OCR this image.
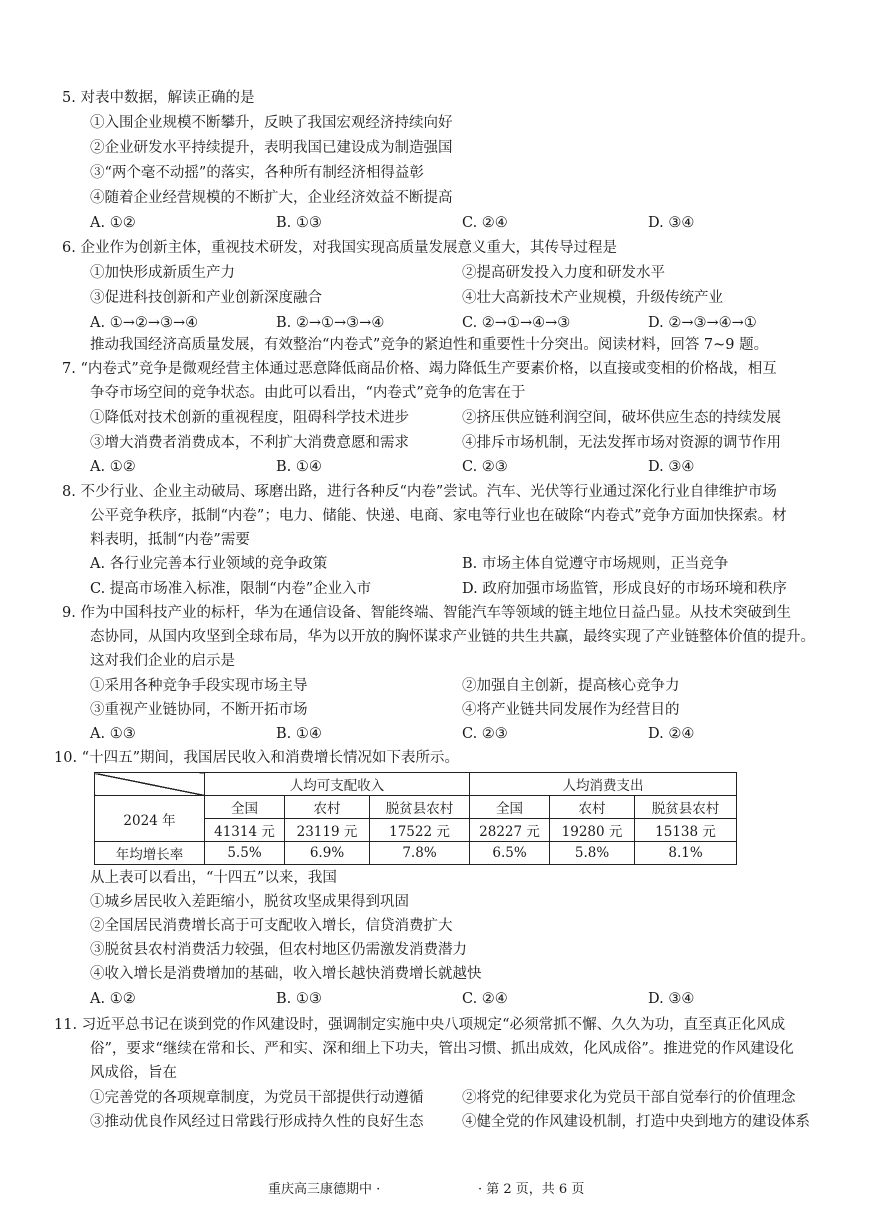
5. 对表中数据，解读正确的是
①入围企业规模不断攀升，反映了我国宏观经济持续向好
②企业研发水平持续提升，表明我国已建设成为制造强国
③“两个毫不动摇”的落实，各种所有制经济相得益彰
④随着企业经营规模的不断扩大，企业经济效益不断提高
A. ①②	B. ①③	C. ②④	D. ③④
6. 企业作为创新主体，重视技术研发，对我国实现高质量发展意义重大，其传导过程是
①加快形成新质生产力	②提高研发投入力度和研发水平
③促进科技创新和产业创新深度融合	④壮大高新技术产业规模，升级传统产业
A. ①→②→③→④	B. ②→①→③→④	C. ②→①→④→③	D. ②→③→④→①
推动我国经济高质量发展，有效整治“内卷式”竞争的紧迫性和重要性十分突出。阅读材料，回答 7~9 题。
7. “内卷式”竞争是微观经营主体通过恶意降低商品价格、竭力降低生产要素价格，以直接或变相的价格战，相互
争夺市场空间的竞争状态。由此可以看出，“内卷式”竞争的危害在于
①降低对技术创新的重视程度，阻碍科学技术进步	②挤压供应链利润空间，破坏供应生态的持续发展
③增大消费者消费成本，不利扩大消费意愿和需求	④排斥市场机制，无法发挥市场对资源的调节作用
A. ①②	B. ①④	C. ②③	D. ③④
8. 不少行业、企业主动破局、琢磨出路，进行各种反“内卷”尝试。汽车、光伏等行业通过深化行业自律维护市场
公平竞争秩序，抵制“内卷”；电力、储能、快递、电商、家电等行业也在破除“内卷式”竞争方面加快探索。材
料表明，抵制“内卷”需要
A. 各行业完善本行业领域的竞争政策	B. 市场主体自觉遵守市场规则，正当竞争
C. 提高市场准入标准，限制“内卷”企业入市	D. 政府加强市场监管，形成良好的市场环境和秩序
9. 作为中国科技产业的标杆，华为在通信设备、智能终端、智能汽车等领域的链主地位日益凸显。从技术突破到生
态协同，从国内攻坚到全球布局，华为以开放的胸怀谋求产业链的共生共赢，最终实现了产业链整体价值的提升。
这对我们企业的启示是
①采用各种竞争手段实现市场主导	②加强自主创新，提高核心竞争力
③重视产业链协同，不断开拓市场	④将产业链共同发展作为经营目的
A. ①③	B. ①④	C. ②③	D. ②④
10. “十四五”期间，我国居民收入和消费增长情况如下表所示。
	人均可支配收入			人均消费支出		
2024 年	全国	农村	脱贫县农村	全国	农村	脱贫县农村
	41314 元	23119 元	17522 元	28227 元	19280 元	15138 元
年均增长率	5.5%	6.9%	7.8%	6.5%	5.8%	8.1%
从上表可以看出，“十四五”以来，我国
①城乡居民收入差距缩小，脱贫攻坚成果得到巩固
②全国居民消费增长高于可支配收入增长，信贷消费扩大
③脱贫县农村消费活力较强，但农村地区仍需激发消费潜力
④收入增长是消费增加的基础，收入增长越快消费增长就越快
A. ①②	B. ①③	C. ②④	D. ③④
11. 习近平总书记在谈到党的作风建设时，强调制定实施中央八项规定“必须常抓不懈、久久为功，直至真正化风成
俗”，要求“继续在常和长、严和实、深和细上下功夫，管出习惯、抓出成效，化风成俗”。推进党的作风建设化
风成俗，旨在
①完善党的各项规章制度，为党员干部提供行动遵循	②将党的纪律要求化为党员干部自觉奉行的价值理念
③推动优良作风经过日常践行形成持久性的良好生态	④健全党的作风建设机制，打造中央到地方的建设体系
重庆高三康德期中 ·	· 第 2 页，共 6 页
